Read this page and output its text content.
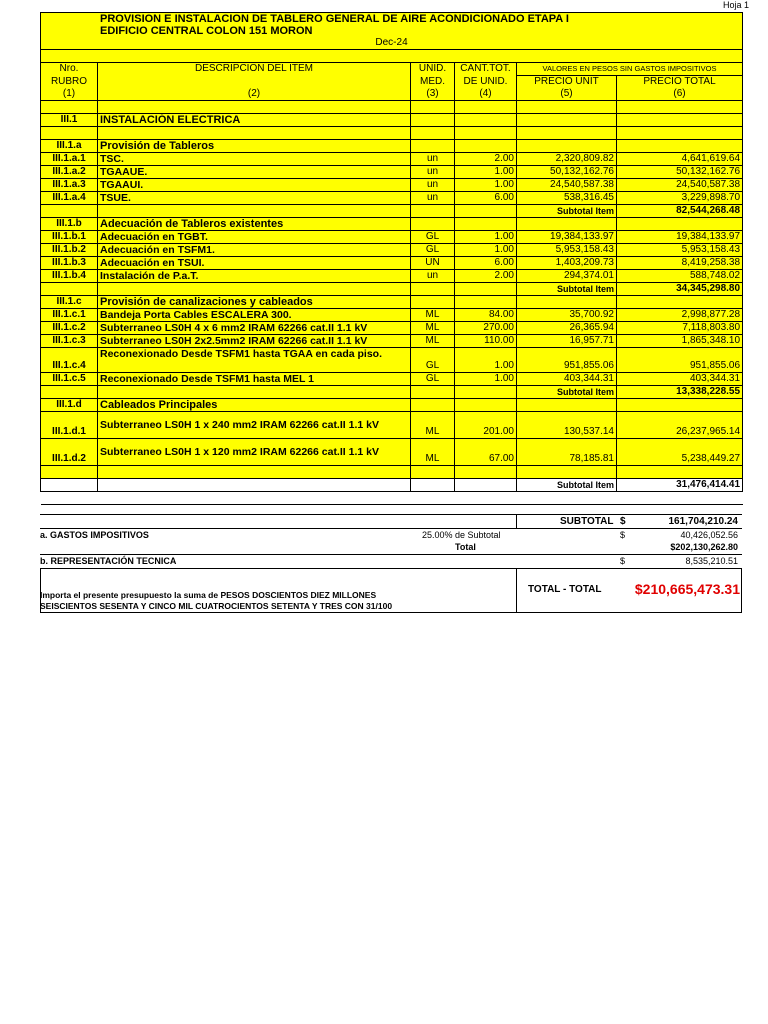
Hoja 1
PROVISION E INSTALACION DE TABLERO GENERAL DE AIRE ACONDICIONADO ETAPA I
EDIFICIO CENTRAL COLON 151 MORON					

Dec-24					

Nro.	DESCRIPCION DEL ITEM	UNID.	CANT.TOT.	VALORES EN PESOS SIN GASTOS IMPOSITIVOS	
RUBRO		MED.	DE UNID.	PRECIO UNIT	PRECIO TOTAL
(1)	(2)	(3)	(4)	(5)	(6)

III.1	INSTALACIÓN ELECTRICA				

III.1.a	Provisión de Tableros				
III.1.a.1	TSC.	un	2.00	2,320,809.82	4,641,619.64
III.1.a.2	TGAAUE.	un	1.00	50,132,162.76	50,132,162.76
III.1.a.3	TGAAUI.	un	1.00	24,540,587.38	24,540,587.38
III.1.a.4	TSUE.	un	6.00	538,316.45	3,229,898.70
				Subtotal Item	82,544,268.48
III.1.b	Adecuación de Tableros existentes				
III.1.b.1	Adecuación en TGBT.	GL	1.00	19,384,133.97	19,384,133.97
III.1.b.2	Adecuación en TSFM1.	GL	1.00	5,953,158.43	5,953,158.43
III.1.b.3	Adecuación en TSUI.	UN	6.00	1,403,209.73	8,419,258.38
III.1.b.4	Instalación de P.a.T.	un	2.00	294,374.01	588,748.02
				Subtotal Item	34,345,298.80
III.1.c	Provisión de canalizaciones y cableados				
III.1.c.1	Bandeja Porta Cables ESCALERA 300.	ML	84.00	35,700.92	2,998,877.28
III.1.c.2	Subterraneo LS0H 4 x 6 mm2 IRAM 62266 cat.II 1.1 kV	ML	270.00	26,365.94	7,118,803.80
III.1.c.3	Subterraneo LS0H 2x2.5mm2 IRAM 62266 cat.II 1.1 kV	ML	110.00	16,957.71	1,865,348.10
III.1.c.4	Reconexionado Desde TSFM1 hasta TGAA en cada piso.	GL	1.00	951,855.06	951,855.06
III.1.c.5	Reconexionado Desde TSFM1 hasta MEL 1	GL	1.00	403,344.31	403,344.31
				Subtotal Item	13,338,228.55
III.1.d	Cableados Principales				
III.1.d.1	Subterraneo LS0H 1 x 240 mm2 IRAM 62266 cat.II 1.1 kV	ML	201.00	130,537.14	26,237,965.14
III.1.d.2	Subterraneo LS0H 1 x 120 mm2 IRAM 62266 cat.II 1.1 kV	ML	67.00	78,185.81	5,238,449.27

				Subtotal Item	31,476,414.41

SUBTOTAL $	161,704,210.24
a. GASTOS IMPOSITIVOS	25.00% de Subtotal	$	40,426,052.56
Total	$202,130,262.80
b. REPRESENTACIÓN TECNICA	$	8,535,210.51
Importa el presente presupuesto la suma de PESOS DOSCIENTOS DIEZ MILLONES
SEISCIENTOS SESENTA Y CINCO MIL CUATROCIENTOS SETENTA Y TRES CON 31/100
TOTAL - TOTAL $210,665,473.31
